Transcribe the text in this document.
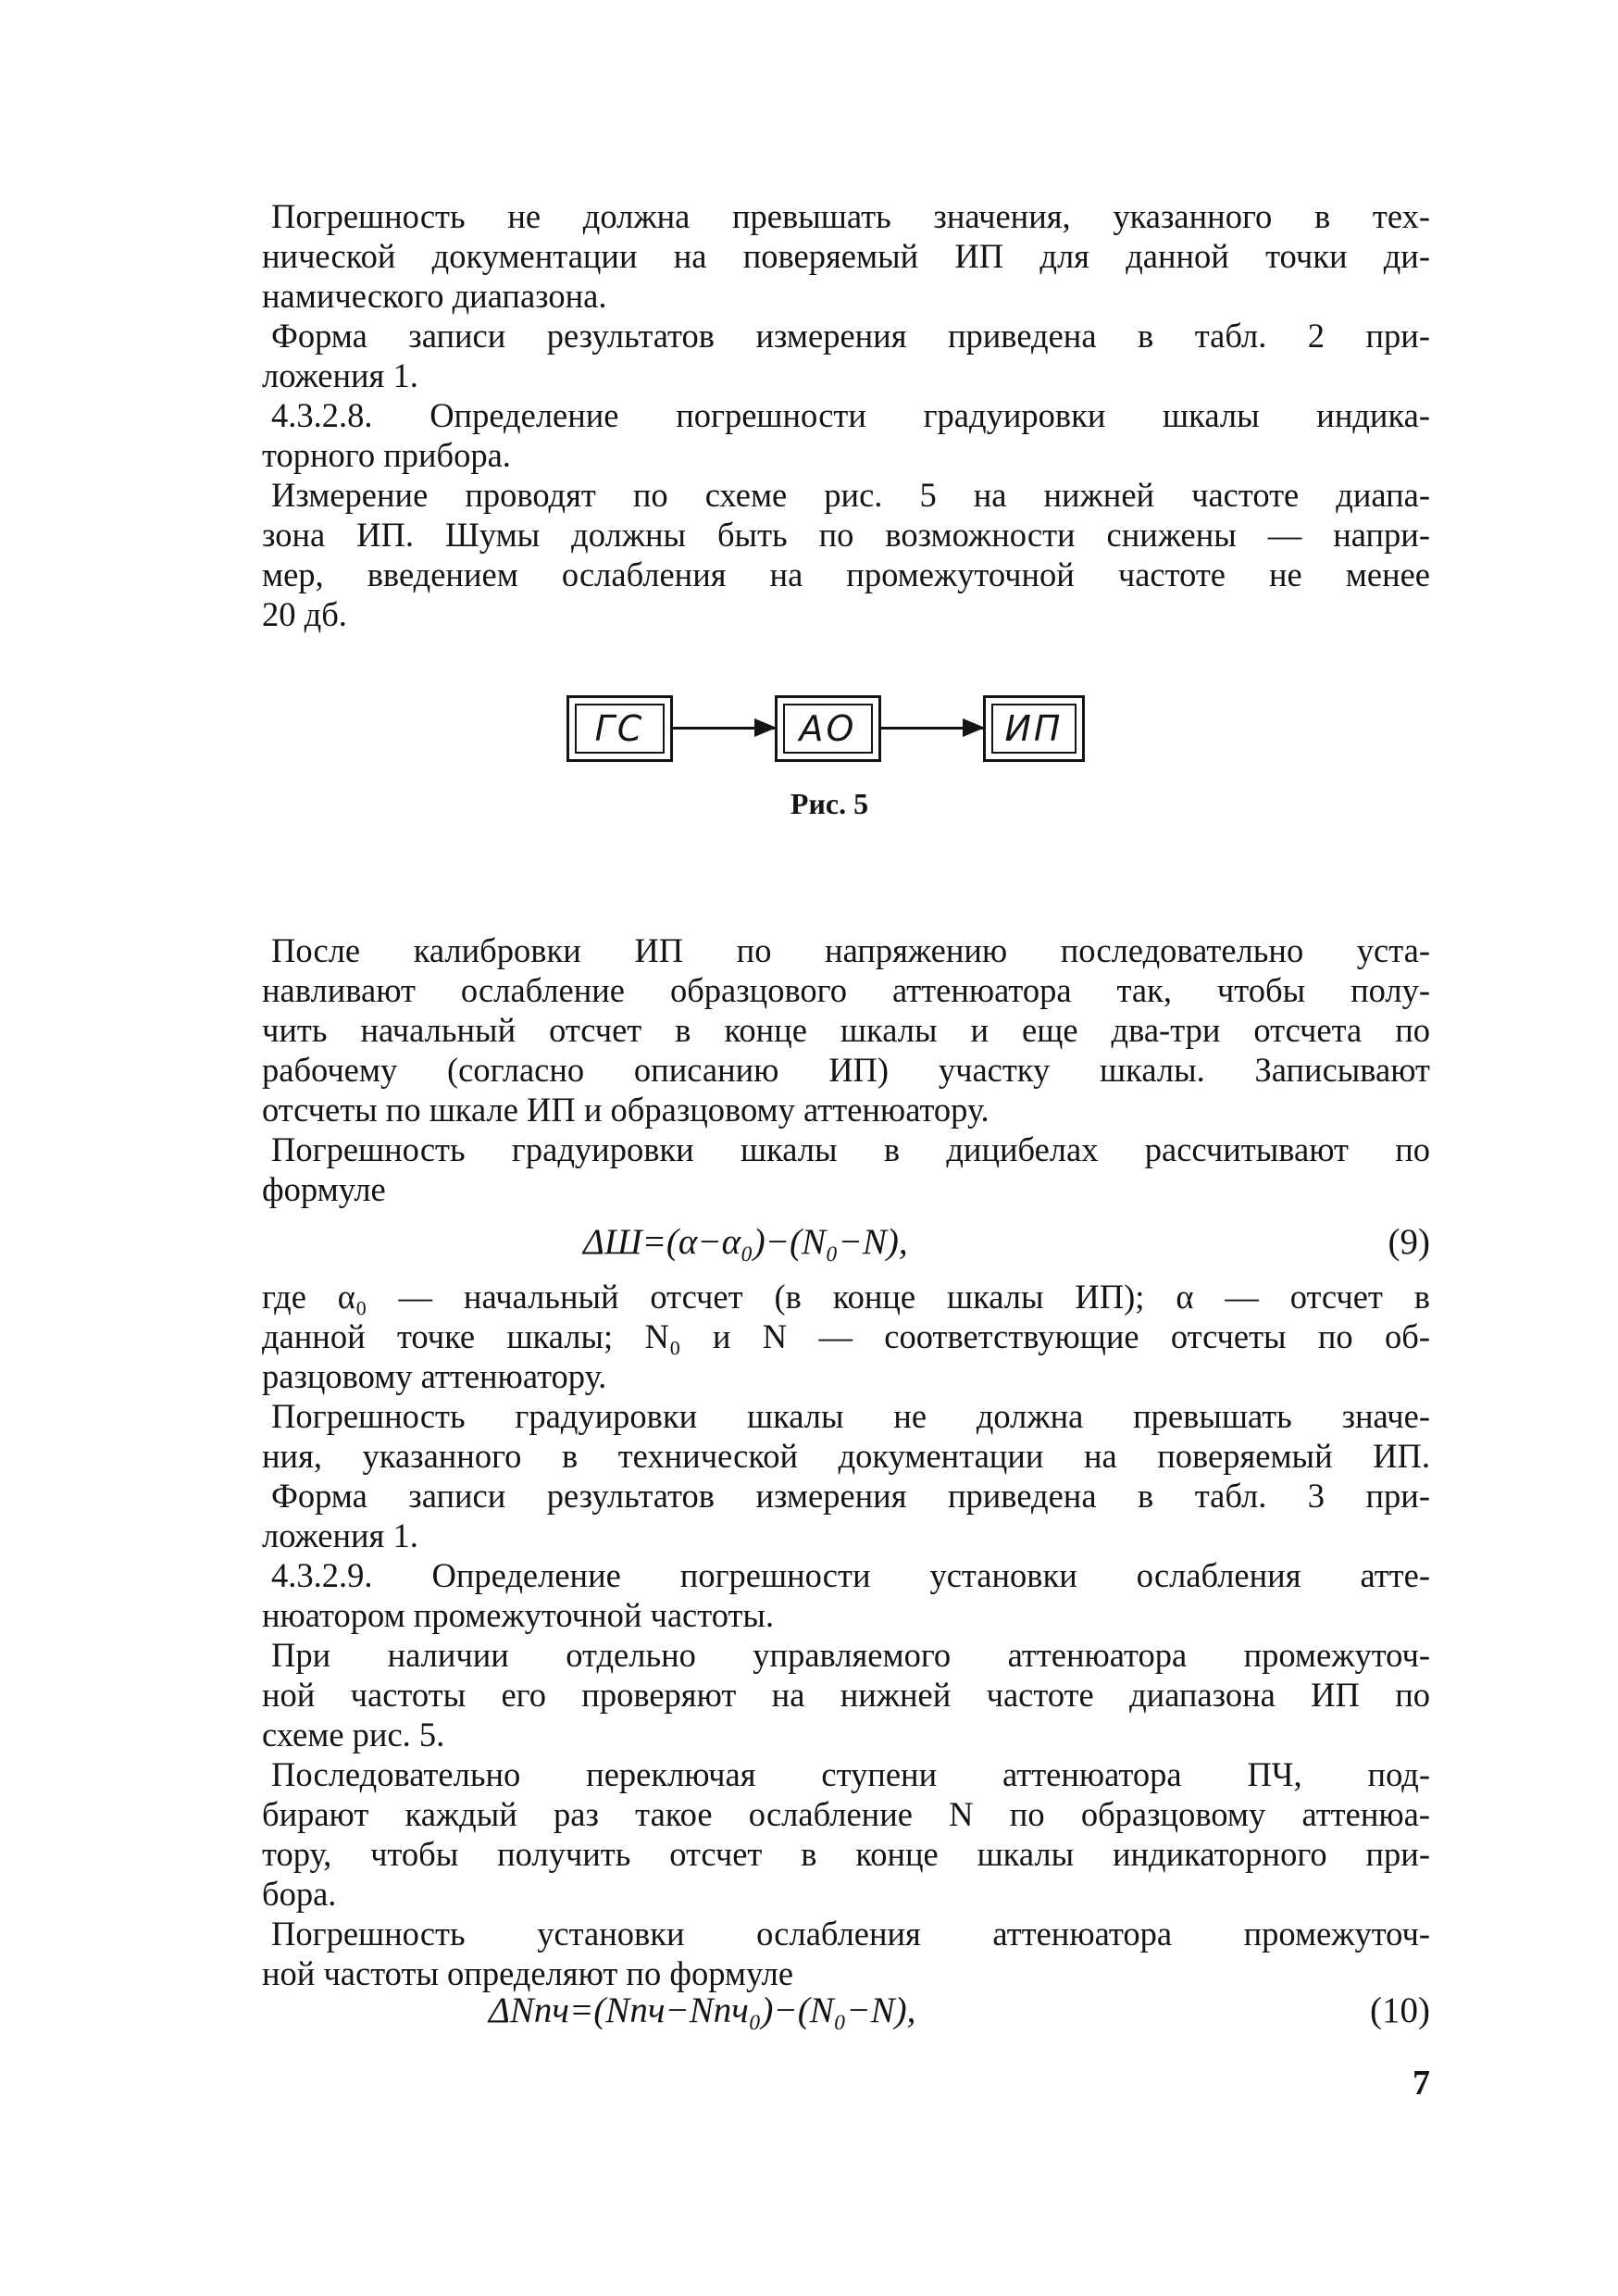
Погрешность не должна превышать значения, указанного в тех-

нической документации на поверяемый ИП для данной точки ди-

намического диапазона.

Форма записи результатов измерения приведена в табл. 2 при-

ложения 1.

4.3.2.8. Определение погрешности градуировки шкалы индика-

торного прибора.

Измерение проводят по схеме рис. 5 на нижней частоте диапа-

зона ИП. Шумы должны быть по возможности снижены — напри-

мер, введением ослабления на промежуточной частоте не менее

20 дб.

ГС	АО	ИП
Рис. 5

После калибровки ИП по напряжению последовательно уста-

навливают ослабление образцового аттенюатора так, чтобы полу-

чить начальный отсчет в конце шкалы и еще два-три отсчета по

рабочему (согласно описанию ИП) участку шкалы. Записывают

отсчеты по шкале ИП и образцовому аттенюатору.

Погрешность градуировки шкалы в дицибелах рассчитывают по

формуле

ΔШ=(α−α₀)−(N₀−N),	(9)

где α₀ — начальный отсчет (в конце шкалы ИП); α — отсчет в

данной точке шкалы; N₀ и N — соответствующие отсчеты по об-

разцовому аттенюатору.

Погрешность градуировки шкалы не должна превышать значе-

ния, указанного в технической документации на поверяемый ИП.

Форма записи результатов измерения приведена в табл. 3 при-

ложения 1.

4.3.2.9. Определение погрешности установки ослабления атте-

нюатором промежуточной частоты.

При наличии отдельно управляемого аттенюатора промежуточ-

ной частоты его проверяют на нижней частоте диапазона ИП по

схеме рис. 5.

Последовательно переключая ступени аттенюатора ПЧ, под-

бирают каждый раз такое ослабление N по образцовому аттенюа-

тору, чтобы получить отсчет в конце шкалы индикаторного при-

бора.

Погрешность установки ослабления аттенюатора промежуточ-

ной частоты определяют по формуле

ΔNпч=(Nпч−Nпч₀)−(N₀−N),	(10)
7
